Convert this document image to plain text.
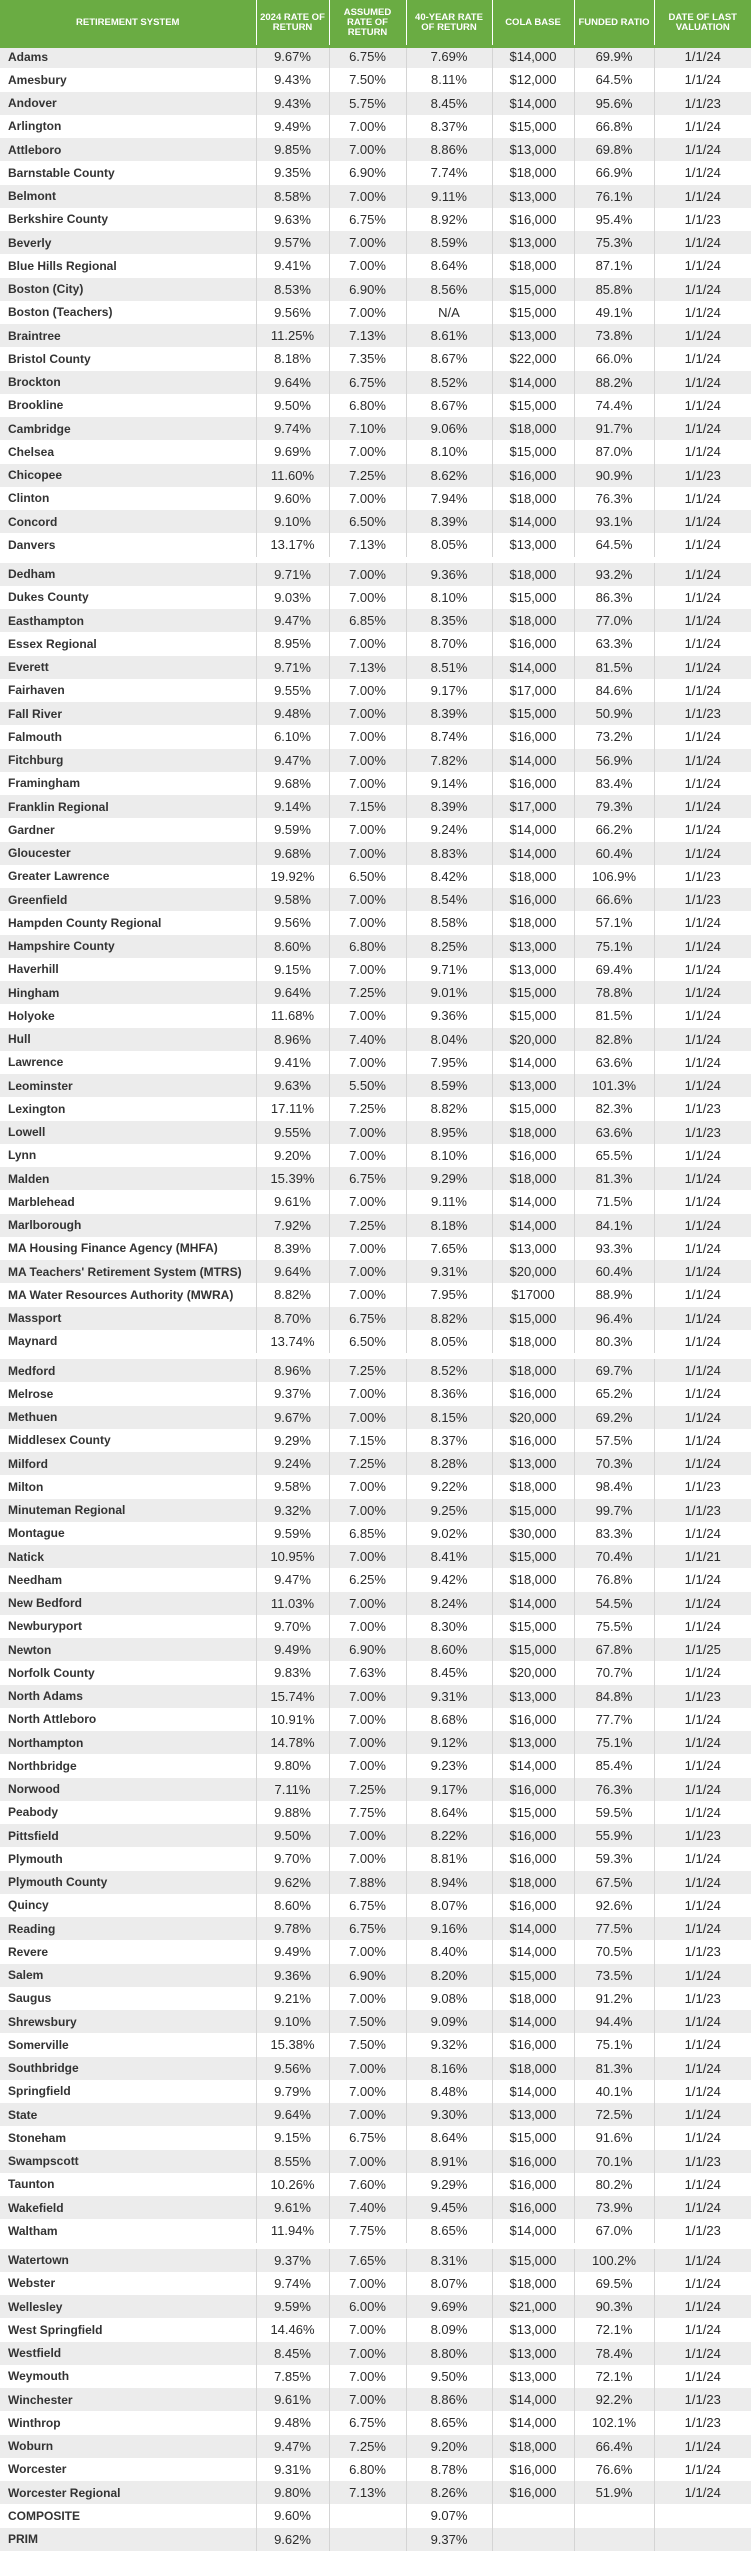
RETIREMENT SYSTEM	2024 RATE OF RETURN	ASSUMED RATE OF RETURN	40-YEAR RATE OF RETURN	COLA BASE	FUNDED RATIO	DATE OF LAST VALUATION
Adams	9.67%	6.75%	7.69%	$14,000	69.9%	1/1/24
Amesbury	9.43%	7.50%	8.11%	$12,000	64.5%	1/1/24
Andover	9.43%	5.75%	8.45%	$14,000	95.6%	1/1/23
Arlington	9.49%	7.00%	8.37%	$15,000	66.8%	1/1/24
Attleboro	9.85%	7.00%	8.86%	$13,000	69.8%	1/1/24
Barnstable County	9.35%	6.90%	7.74%	$18,000	66.9%	1/1/24
Belmont	8.58%	7.00%	9.11%	$13,000	76.1%	1/1/24
Berkshire County	9.63%	6.75%	8.92%	$16,000	95.4%	1/1/23
Beverly	9.57%	7.00%	8.59%	$13,000	75.3%	1/1/24
Blue Hills Regional	9.41%	7.00%	8.64%	$18,000	87.1%	1/1/24
Boston (City)	8.53%	6.90%	8.56%	$15,000	85.8%	1/1/24
Boston (Teachers)	9.56%	7.00%	N/A	$15,000	49.1%	1/1/24
Braintree	11.25%	7.13%	8.61%	$13,000	73.8%	1/1/24
Bristol County	8.18%	7.35%	8.67%	$22,000	66.0%	1/1/24
Brockton	9.64%	6.75%	8.52%	$14,000	88.2%	1/1/24
Brookline	9.50%	6.80%	8.67%	$15,000	74.4%	1/1/24
Cambridge	9.74%	7.10%	9.06%	$18,000	91.7%	1/1/24
Chelsea	9.69%	7.00%	8.10%	$15,000	87.0%	1/1/24
Chicopee	11.60%	7.25%	8.62%	$16,000	90.9%	1/1/23
Clinton	9.60%	7.00%	7.94%	$18,000	76.3%	1/1/24
Concord	9.10%	6.50%	8.39%	$14,000	93.1%	1/1/24
Danvers	13.17%	7.13%	8.05%	$13,000	64.5%	1/1/24
Dedham	9.71%	7.00%	9.36%	$18,000	93.2%	1/1/24
Dukes County	9.03%	7.00%	8.10%	$15,000	86.3%	1/1/24
Easthampton	9.47%	6.85%	8.35%	$18,000	77.0%	1/1/24
Essex Regional	8.95%	7.00%	8.70%	$16,000	63.3%	1/1/24
Everett	9.71%	7.13%	8.51%	$14,000	81.5%	1/1/24
Fairhaven	9.55%	7.00%	9.17%	$17,000	84.6%	1/1/24
Fall River	9.48%	7.00%	8.39%	$15,000	50.9%	1/1/23
Falmouth	6.10%	7.00%	8.74%	$16,000	73.2%	1/1/24
Fitchburg	9.47%	7.00%	7.82%	$14,000	56.9%	1/1/24
Framingham	9.68%	7.00%	9.14%	$16,000	83.4%	1/1/24
Franklin Regional	9.14%	7.15%	8.39%	$17,000	79.3%	1/1/24
Gardner	9.59%	7.00%	9.24%	$14,000	66.2%	1/1/24
Gloucester	9.68%	7.00%	8.83%	$14,000	60.4%	1/1/24
Greater Lawrence	19.92%	6.50%	8.42%	$18,000	106.9%	1/1/23
Greenfield	9.58%	7.00%	8.54%	$16,000	66.6%	1/1/23
Hampden County Regional	9.56%	7.00%	8.58%	$18,000	57.1%	1/1/24
Hampshire County	8.60%	6.80%	8.25%	$13,000	75.1%	1/1/24
Haverhill	9.15%	7.00%	9.71%	$13,000	69.4%	1/1/24
Hingham	9.64%	7.25%	9.01%	$15,000	78.8%	1/1/24
Holyoke	11.68%	7.00%	9.36%	$15,000	81.5%	1/1/24
Hull	8.96%	7.40%	8.04%	$20,000	82.8%	1/1/24
Lawrence	9.41%	7.00%	7.95%	$14,000	63.6%	1/1/24
Leominster	9.63%	5.50%	8.59%	$13,000	101.3%	1/1/24
Lexington	17.11%	7.25%	8.82%	$15,000	82.3%	1/1/23
Lowell	9.55%	7.00%	8.95%	$18,000	63.6%	1/1/23
Lynn	9.20%	7.00%	8.10%	$16,000	65.5%	1/1/24
Malden	15.39%	6.75%	9.29%	$18,000	81.3%	1/1/24
Marblehead	9.61%	7.00%	9.11%	$14,000	71.5%	1/1/24
Marlborough	7.92%	7.25%	8.18%	$14,000	84.1%	1/1/24
MA Housing Finance Agency (MHFA)	8.39%	7.00%	7.65%	$13,000	93.3%	1/1/24
MA Teachers' Retirement System (MTRS)	9.64%	7.00%	9.31%	$20,000	60.4%	1/1/24
MA Water Resources Authority (MWRA)	8.82%	7.00%	7.95%	$17000	88.9%	1/1/24
Massport	8.70%	6.75%	8.82%	$15,000	96.4%	1/1/24
Maynard	13.74%	6.50%	8.05%	$18,000	80.3%	1/1/24
Medford	8.96%	7.25%	8.52%	$18,000	69.7%	1/1/24
Melrose	9.37%	7.00%	8.36%	$16,000	65.2%	1/1/24
Methuen	9.67%	7.00%	8.15%	$20,000	69.2%	1/1/24
Middlesex County	9.29%	7.15%	8.37%	$16,000	57.5%	1/1/24
Milford	9.24%	7.25%	8.28%	$13,000	70.3%	1/1/24
Milton	9.58%	7.00%	9.22%	$18,000	98.4%	1/1/23
Minuteman Regional	9.32%	7.00%	9.25%	$15,000	99.7%	1/1/23
Montague	9.59%	6.85%	9.02%	$30,000	83.3%	1/1/24
Natick	10.95%	7.00%	8.41%	$15,000	70.4%	1/1/21
Needham	9.47%	6.25%	9.42%	$18,000	76.8%	1/1/24
New Bedford	11.03%	7.00%	8.24%	$14,000	54.5%	1/1/24
Newburyport	9.70%	7.00%	8.30%	$15,000	75.5%	1/1/24
Newton	9.49%	6.90%	8.60%	$15,000	67.8%	1/1/25
Norfolk County	9.83%	7.63%	8.45%	$20,000	70.7%	1/1/24
North Adams	15.74%	7.00%	9.31%	$13,000	84.8%	1/1/23
North Attleboro	10.91%	7.00%	8.68%	$16,000	77.7%	1/1/24
Northampton	14.78%	7.00%	9.12%	$13,000	75.1%	1/1/24
Northbridge	9.80%	7.00%	9.23%	$14,000	85.4%	1/1/24
Norwood	7.11%	7.25%	9.17%	$16,000	76.3%	1/1/24
Peabody	9.88%	7.75%	8.64%	$15,000	59.5%	1/1/24
Pittsfield	9.50%	7.00%	8.22%	$16,000	55.9%	1/1/23
Plymouth	9.70%	7.00%	8.81%	$16,000	59.3%	1/1/24
Plymouth County	9.62%	7.88%	8.94%	$18,000	67.5%	1/1/24
Quincy	8.60%	6.75%	8.07%	$16,000	92.6%	1/1/24
Reading	9.78%	6.75%	9.16%	$14,000	77.5%	1/1/24
Revere	9.49%	7.00%	8.40%	$14,000	70.5%	1/1/23
Salem	9.36%	6.90%	8.20%	$15,000	73.5%	1/1/24
Saugus	9.21%	7.00%	9.08%	$18,000	91.2%	1/1/23
Shrewsbury	9.10%	7.50%	9.09%	$14,000	94.4%	1/1/24
Somerville	15.38%	7.50%	9.32%	$16,000	75.1%	1/1/24
Southbridge	9.56%	7.00%	8.16%	$18,000	81.3%	1/1/24
Springfield	9.79%	7.00%	8.48%	$14,000	40.1%	1/1/24
State	9.64%	7.00%	9.30%	$13,000	72.5%	1/1/24
Stoneham	9.15%	6.75%	8.64%	$15,000	91.6%	1/1/24
Swampscott	8.55%	7.00%	8.91%	$16,000	70.1%	1/1/23
Taunton	10.26%	7.60%	9.29%	$16,000	80.2%	1/1/24
Wakefield	9.61%	7.40%	9.45%	$16,000	73.9%	1/1/24
Waltham	11.94%	7.75%	8.65%	$14,000	67.0%	1/1/23
Watertown	9.37%	7.65%	8.31%	$15,000	100.2%	1/1/24
Webster	9.74%	7.00%	8.07%	$18,000	69.5%	1/1/24
Wellesley	9.59%	6.00%	9.69%	$21,000	90.3%	1/1/24
West Springfield	14.46%	7.00%	8.09%	$13,000	72.1%	1/1/24
Westfield	8.45%	7.00%	8.80%	$13,000	78.4%	1/1/24
Weymouth	7.85%	7.00%	9.50%	$13,000	72.1%	1/1/24
Winchester	9.61%	7.00%	8.86%	$14,000	92.2%	1/1/23
Winthrop	9.48%	6.75%	8.65%	$14,000	102.1%	1/1/23
Woburn	9.47%	7.25%	9.20%	$18,000	66.4%	1/1/24
Worcester	9.31%	6.80%	8.78%	$16,000	76.6%	1/1/24
Worcester Regional	9.80%	7.13%	8.26%	$16,000	51.9%	1/1/24
COMPOSITE	9.60%		9.07%			
PRIM	9.62%		9.37%			
